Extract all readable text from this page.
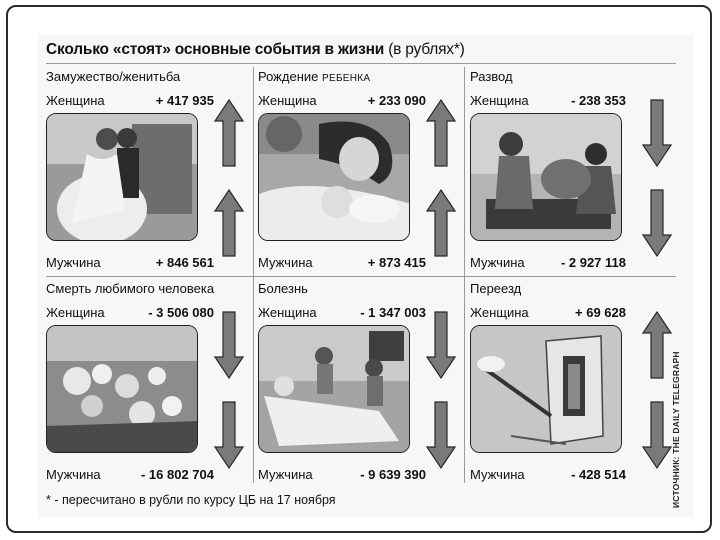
Сколько «стоят» основные события в жизни (в рублях*)
Замужество/женитьба
Женщина	+ 417 935
Мужчина	+ 846 561
Рождение РЕБЕНКА
Женщина	+ 233 090
Мужчина	+ 873 415
Развод
Женщина	- 238 353
Мужчина	- 2 927 118
Смерть любимого человека
Женщина	- 3 506 080
Мужчина	- 16 802 704
Болезнь
Женщина	- 1 347 003
Мужчина	- 9 639 390
Переезд
Женщина	+ 69 628
Мужчина	- 428 514
* - пересчитано в рубли по курсу ЦБ на 17 ноября	ИСТОЧНИК: THE DAILY TELEGRAPH
